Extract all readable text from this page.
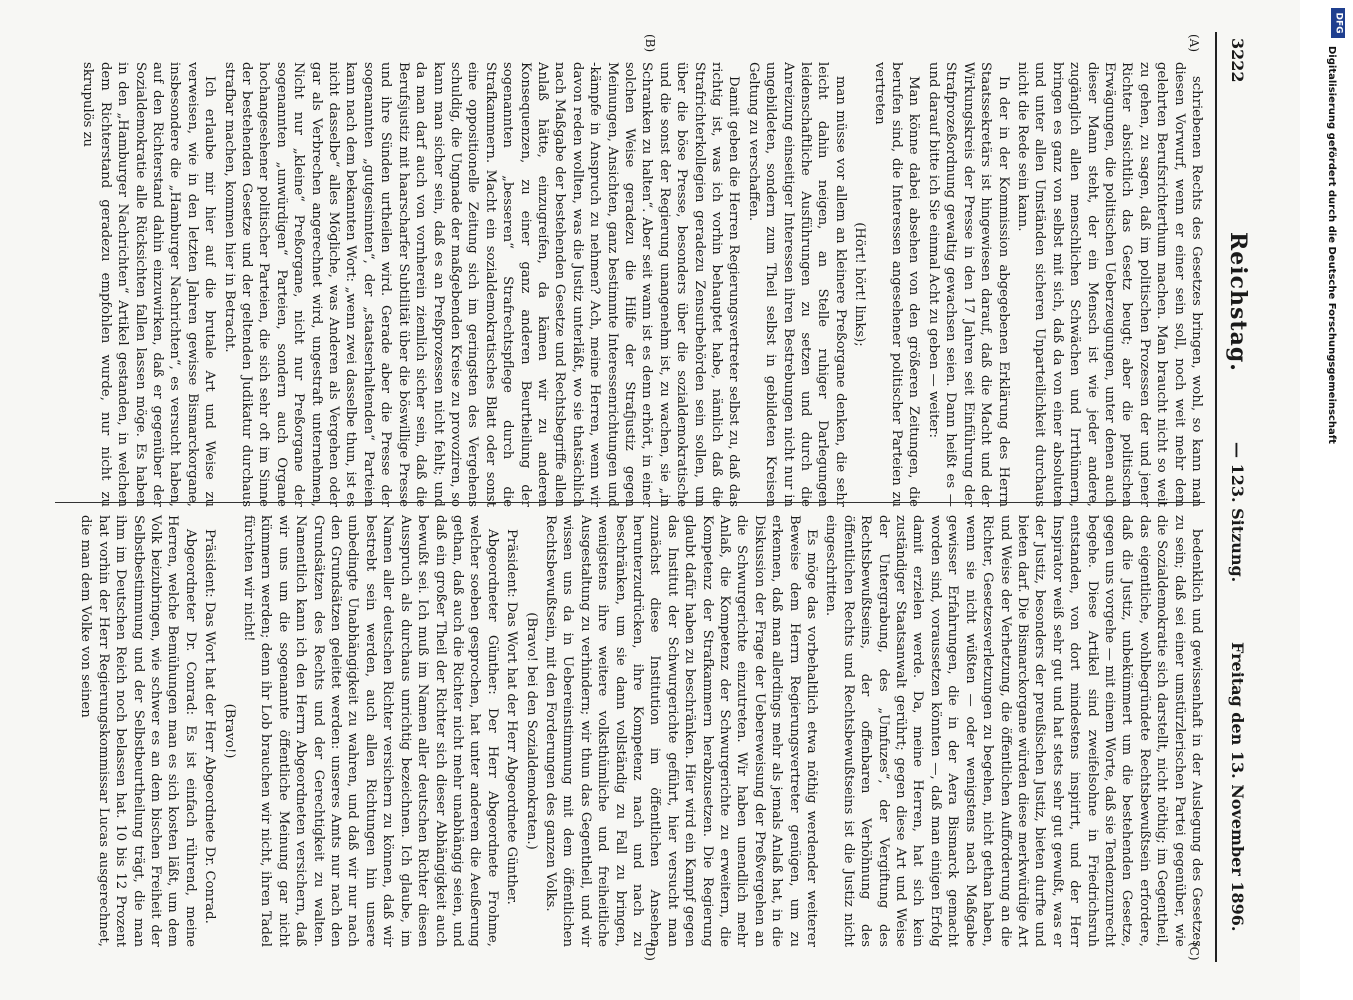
3222
Reichstag.
— 123. Sitzung.
Freitag den 13. November 1896.
(A)
(B)
(C)
(D)

schriebenen Rechts des Gesetzes bringen, wohl, so kann man diesen Vorwurf, wenn er einer sein soll, noch weit mehr dem gelehrten Berufsrichterthum machen. Man braucht nicht so weit zu gehen, zu sagen, daß im politischen Prozessen der und jener Richter absichtlich das Gesetz beugt; aber die politischen Erwägungen, die politischen Ueberzeugungen, unter denen auch dieser Mann steht, der ein Mensch ist wie jeder andere, zugänglich allen menschlichen Schwächen und Irrthümern, bringen es ganz von selbst mit sich, daß da von einer absoluten und unter allen Umständen sicheren Unparteilichkeit durchaus nicht die Rede sein kann.

In der in der Kommission abgegebenen Erklärung des Herrn Staatssekretärs ist hingewiesen darauf, daß die Macht und der Wirkungskreis der Presse in den 17 Jahren seit Einführung der Strafprozeßordnung gewaltig gewachsen seien. Dann heißt es — und darauf bitte ich Sie einmal Acht zu geben — weiter:

Man könne dabei absehen von den größeren Zeitungen, die berufen sind, die Interessen angesehener politischer Parteien zu vertreten

(Hört! hört! links);

man müsse vor allem an kleinere Preßorgane denken, die sehr leicht dahin neigen, an Stelle ruhiger Darlegungen leidenschaftliche Ausführungen zu setzen und durch die Anreizung einseitiger Interessen ihren Bestrebungen nicht nur in ungebildeten, sondern zum Theil selbst in gebildeten Kreisen Geltung zu verschaffen.

Damit geben die Herren Regierungsvertreter selbst zu, daß das richtig ist, was ich vorhin behauptet habe, nämlich daß die Strafrichterkollegien geradezu Zensurbehörden sein sollen, um über die böse Presse, besonders über die sozialdemokratische und die sonst der Regierung unangenehm ist, zu wachen, sie „in Schranken zu halten“. Aber seit wann ist es denn erhört, in einer solchen Weise geradezu die Hilfe der Strafjustiz gegen Meinungen, Ansichten, ganz bestimmte Interessenrichtungen und -kämpfe in Anspruch zu nehmen? Ach, meine Herren, wenn wir davon reden wollten, was die Justiz unterläßt, wo sie thatsächlich nach Maßgabe der bestehenden Gesetze und Rechtsbegriffe allen Anlaß hätte, einzugreifen, da kämen wir zu anderen Konsequenzen, zu einer ganz anderen Beurtheilung der sogenannten „besseren“ Strafrechtspflege durch die Strafkammern. Macht ein sozialdemokratisches Blatt oder sonst eine oppositionelle Zeitung sich im geringsten des Vergehens schuldig, die Ungnade der maßgebenden Kreise zu provoziren, so kann man sicher sein, daß es an Preßprozessen nicht fehlt; und da man darf auch von vornherein ziemlich sicher sein, daß die Berufsjustiz mit haarscharfer Subtilität über die böswillige Presse und ihre Sünden urtheilen wird. Gerade aber die Presse der sogenannten „gutgesinnten“, der „staatserhaltenden“ Parteien kann nach dem bekannten Wort: „wenn zwei dasselbe thun, ist es nicht dasselbe“ alles Mögliche, was Anderen als Vergehen oder gar als Verbrechen angerechnet wird, ungestraft unternehmen, Nicht nur „kleine“ Preßorgane, nicht nur Preßorgane der sogenannten „unwürdigen“ Parteien, sondern auch Organe hochangesehener politischer Parteien, die sich sehr oft im Sinne der bestehenden Gesetze und der geltenden Judikatur durchaus strafbar machen, kommen hier in Betracht.

Ich erlaube mir hier auf die brutale Art und Weise zu verweisen, wie in den letzten Jahren gewisse Bismarckorgane, insbesondere die „Hamburger Nachrichten“, es versucht haben, auf den Richterstand dahin einzuwirken, daß er gegenüber der Sozialdemokratie alle Rücksichten fallen lassen möge. Es haben in den „Hamburger Nachrichten“ Artikel gestanden, in welchen dem Richterstand geradezu empfohlen wurde, nur nicht zu skrupulös zu

bedenklich und gewissenhaft in der Auslegung des Gesetzes zu sein; daß sei einer umstürzlerischen Partei gegenüber, wie die Sozialdemokratie sich darstellt, nicht nöthig; im Gegentheil, das eigentliche, wohlbegründete Rechtsbewußtsein erfordere, daß die Justiz, unbekümmert um die bestehenden Gesetze, gegen uns vorgehe — mit einem Worte, daß sie Tendenzunrecht begehe. Diese Artikel sind zweifelsohne in Friedrichsruh entstanden, von dort mindestens inspirirt, und der Herr Inspirator weiß sehr gut und hat stets sehr gut gewußt, was er der Justiz, besonders der preußischen Justiz, bieten durfte und bieten darf. Die Bismarckorgane würden diese merkwürdige Art und Weise der Verhetzung, die öffentlichen Aufforderung an die Richter, Gesetzesverletzungen zu begehen, nicht gethan haben, wenn sie nicht wüßten — oder wenigstens nach Maßgabe gewisser Erfahrungen, die in der Aera Bismarck gemacht worden sind, voraussetzen könnten —, daß man einigen Erfolg damit erzielen werde. Da, meine Herren, hat sich kein zuständiger Staatsanwalt gerührt; gegen diese Art und Weise der Untergrabung, des „Umfuzes“, der Vergiftung des Rechtsbewußtseins, der offenbaren Verhöhnung des öffentlichen Rechts und Rechtsbewußtseins ist die Justiz nicht eingeschritten.

Es möge das vorbehaltlich etwa nöthig werdender weiterer Beweise dem Herrn Regierungsvertreter genügen, um zu erkennen, daß man allerdings mehr als jemals Anlaß hat, in die Diskussion der Frage der Uebereweisung der Preßvergehen an die Schwurgerichte einzutreten. Wir haben unendlich mehr Anlaß, die Kompetenz der Schwurgerichte zu erweitern, die Kompetenz der Strafkammern herabzusetzen. Die Regierung glaubt dafür haben zu beschränken. Hier wird ein Kampf gegen das Institut der Schwurgerichte geführt, hier versucht man zunächst diese Institution im öffentlichen Ansehen herunterzudrücken, ihre Kompetenz nach und nach zu beschränken, um sie dann vollständig zu Fall zu bringen, wenigstens ihre weitere volksthümliche und freiheitliche Ausgestaltung zu verhindern; wir thun das Gegentheil, und wir wissen uns da in Uebereinstimmung mit dem öffentlichen Rechtsbewußtsein, mit den Forderungen des ganzen Volks.

(Bravo! bei den Sozialdemokraten.)

Präsident: Das Wort hat der Herr Abgeordnete Günther.

Abgeordneter Günther: Der Herr Abgeordnete Frohme, welcher soeben gesprochen, hat unter anderem die Aeußerung gethan, daß auch die Richter nicht mehr unabhängig seien, und daß ein großer Theil der Richter sich dieser Abhängigkeit auch bewußt sei. Ich muß im Namen aller deutschen Richter diesen Ausspruch als durchaus unrichtig bezeichnen. Ich glaube, im Namen aller deutschen Richter versichern zu können, daß wir bestrebt sein werden, auch allen Richtungen hin unsere unbedingte Unabhängigkeit zu wahren, und daß wir nur nach den Grundsätzen geleitet werden: unseres Amts nur nach den Grundsätzen des Rechts und der Gerechtigkeit zu walten. Namentlich kann ich den Herrn Abgeordneten versichern, daß wir uns um die sogenannte öffentliche Meinung gar nicht kümmern werden; denn ihr Lob brauchen wir nicht, ihren Tadel fürchten wir nicht!

(Bravo!)

Präsident: Das Wort hat der Herr Abgeordnete Dr. Conrad.

Abgeordneter Dr. Conrad: Es ist einfach rührend, meine Herren, welche Bemühungen man es sich kosten läßt, um dem Volk beizubringen, wie schwer es an dem bischen Freiheit der Selbstbestimmung und der Selbstbeurtheilung trägt, die man ihm im Deutschen Reich noch belassen hat. 10 bis 12 Prozent hat vorhin der Herr Regierungskommissar Lucas ausgerechnet, die man dem Volke von seinen

DFG
Digitalisierung gefördert durch die Deutsche Forschungsgemeinschaft
